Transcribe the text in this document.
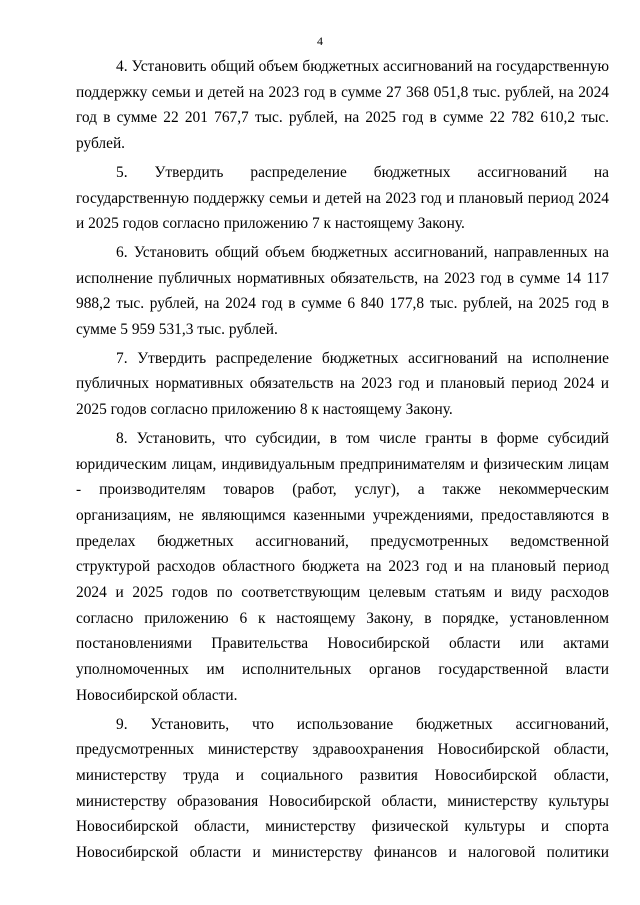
4

4. Установить общий объем бюджетных ассигнований на государственную поддержку семьи и детей на 2023 год в сумме 27 368 051,8 тыс. рублей, на 2024 год в сумме 22 201 767,7 тыс. рублей, на 2025 год в сумме 22 782 610,2 тыс. рублей.

5. Утвердить распределение бюджетных ассигнований на государственную поддержку семьи и детей на 2023 год и плановый период 2024 и 2025 годов согласно приложению 7 к настоящему Закону.

6. Установить общий объем бюджетных ассигнований, направленных на исполнение публичных нормативных обязательств, на 2023 год в сумме 14 117 988,2 тыс. рублей, на 2024 год в сумме 6 840 177,8 тыс. рублей, на 2025 год в сумме 5 959 531,3 тыс. рублей.

7. Утвердить распределение бюджетных ассигнований на исполнение публичных нормативных обязательств на 2023 год и плановый период 2024 и 2025 годов согласно приложению 8 к настоящему Закону.

8. Установить, что субсидии, в том числе гранты в форме субсидий юридическим лицам, индивидуальным предпринимателям и физическим лицам - производителям товаров (работ, услуг), а также некоммерческим организациям, не являющимся казенными учреждениями, предоставляются в пределах бюджетных ассигнований, предусмотренных ведомственной структурой расходов областного бюджета на 2023 год и на плановый период 2024 и 2025 годов по соответствующим целевым статьям и виду расходов согласно приложению 6 к настоящему Закону, в порядке, установленном постановлениями Правительства Новосибирской области или актами уполномоченных им исполнительных органов государственной власти Новосибирской области.

9. Установить, что использование бюджетных ассигнований, предусмотренных министерству здравоохранения Новосибирской области, министерству труда и социального развития Новосибирской области, министерству образования Новосибирской области, министерству культуры Новосибирской области, министерству физической культуры и спорта Новосибирской области и министерству финансов и налоговой политики
